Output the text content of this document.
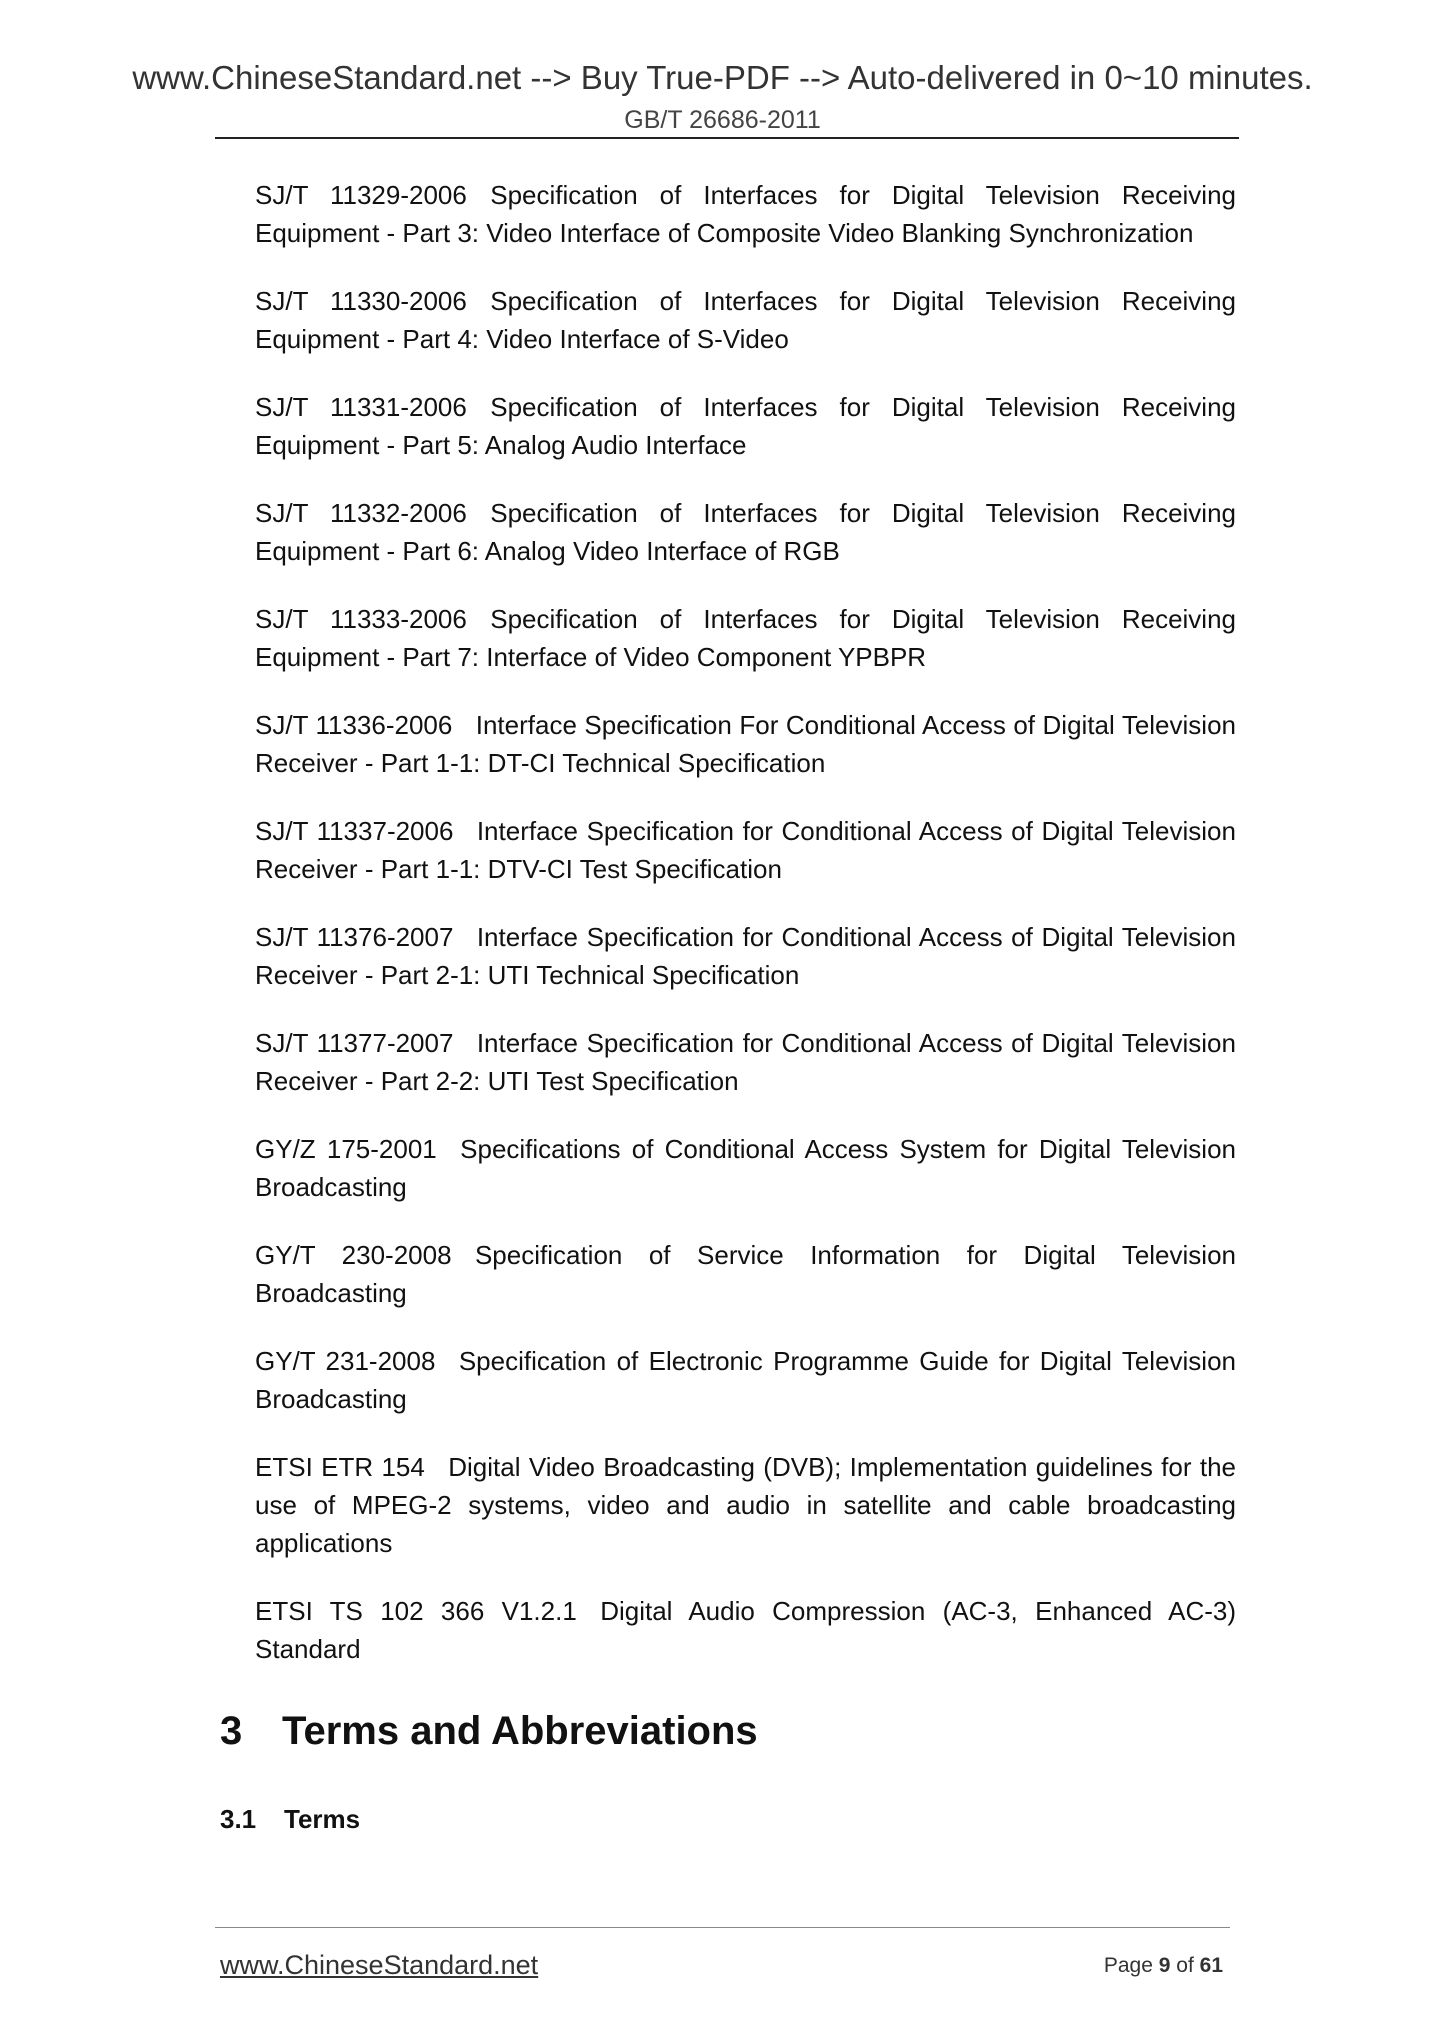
www.ChineseStandard.net --> Buy True-PDF --> Auto-delivered in 0~10 minutes.
GB/T 26686-2011

SJ/T 11329-2006 Specification of Interfaces for Digital Television Receiving Equipment - Part 3: Video Interface of Composite Video Blanking Synchronization

SJ/T 11330-2006 Specification of Interfaces for Digital Television Receiving Equipment - Part 4: Video Interface of S-Video

SJ/T 11331-2006 Specification of Interfaces for Digital Television Receiving Equipment - Part 5: Analog Audio Interface

SJ/T 11332-2006 Specification of Interfaces for Digital Television Receiving Equipment - Part 6: Analog Video Interface of RGB

SJ/T 11333-2006 Specification of Interfaces for Digital Television Receiving Equipment - Part 7: Interface of Video Component YPBPR

SJ/T 11336-2006 Interface Specification For Conditional Access of Digital Television Receiver - Part 1-1: DT-CI Technical Specification

SJ/T 11337-2006 Interface Specification for Conditional Access of Digital Television Receiver - Part 1-1: DTV-CI Test Specification

SJ/T 11376-2007 Interface Specification for Conditional Access of Digital Television Receiver - Part 2-1: UTI Technical Specification

SJ/T 11377-2007 Interface Specification for Conditional Access of Digital Television Receiver - Part 2-2: UTI Test Specification

GY/Z 175-2001 Specifications of Conditional Access System for Digital Television Broadcasting

GY/T 230-2008 Specification of Service Information for Digital Television Broadcasting

GY/T 231-2008 Specification of Electronic Programme Guide for Digital Television Broadcasting

ETSI ETR 154 Digital Video Broadcasting (DVB); Implementation guidelines for the use of MPEG-2 systems, video and audio in satellite and cable broadcasting applications

ETSI TS 102 366 V1.2.1 Digital Audio Compression (AC-3, Enhanced AC-3) Standard

3 Terms and Abbreviations
3.1 Terms
www.ChineseStandard.net	Page 9 of 61
